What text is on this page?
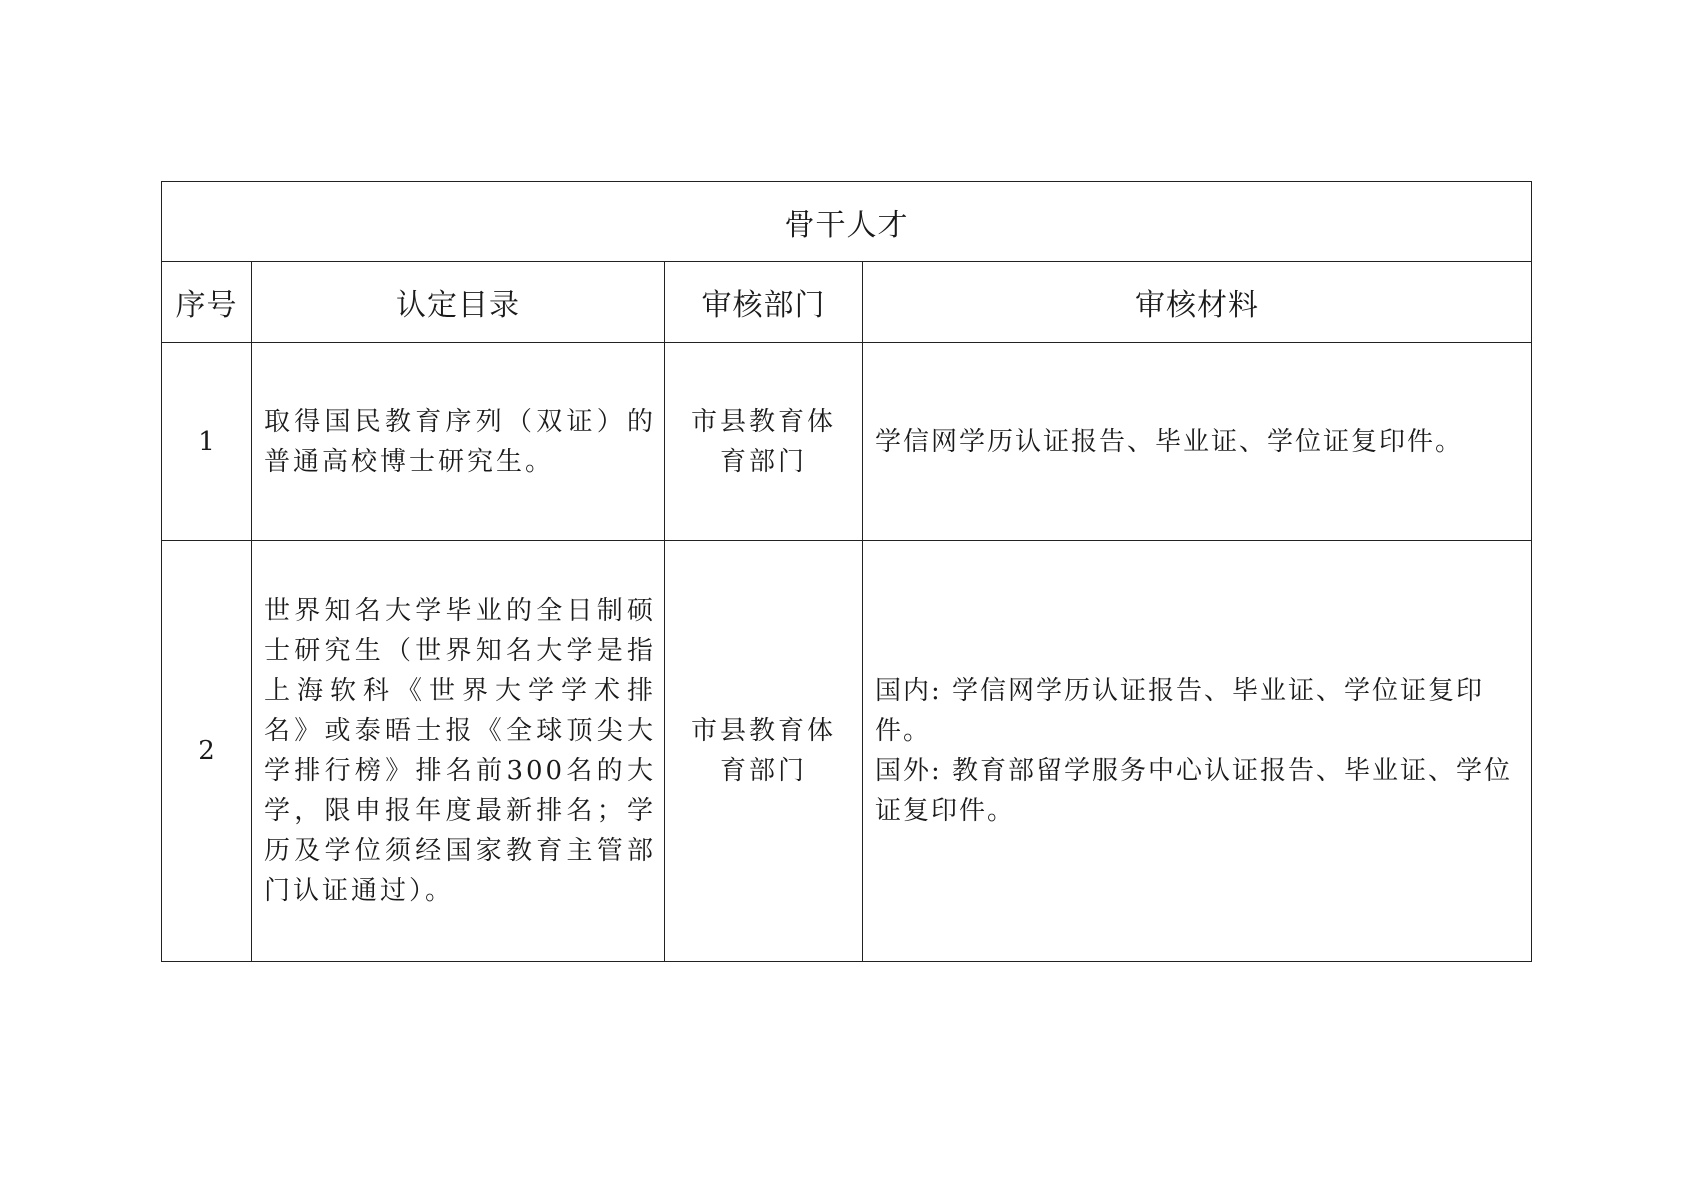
骨干人才			
序号	认定目录	审核部门	审核材料
1	取得国民教育序列（双证）的普通高校博士研究生。	市县教育体育部门	学信网学历认证报告、毕业证、学位证复印件。

2	世界知名大学毕业的全日制硕士研究生（世界知名大学是指上海软科《世界大学学术排名》或泰晤士报《全球顶尖大学排行榜》排名前300名的大学，限申报年度最新排名；学历及学位须经国家教育主管部门认证通过）。	市县教育体育部门	国内: 学信网学历认证报告、毕业证、学位证复印件。
国外: 教育部留学服务中心认证报告、毕业证、学位证复印件。
